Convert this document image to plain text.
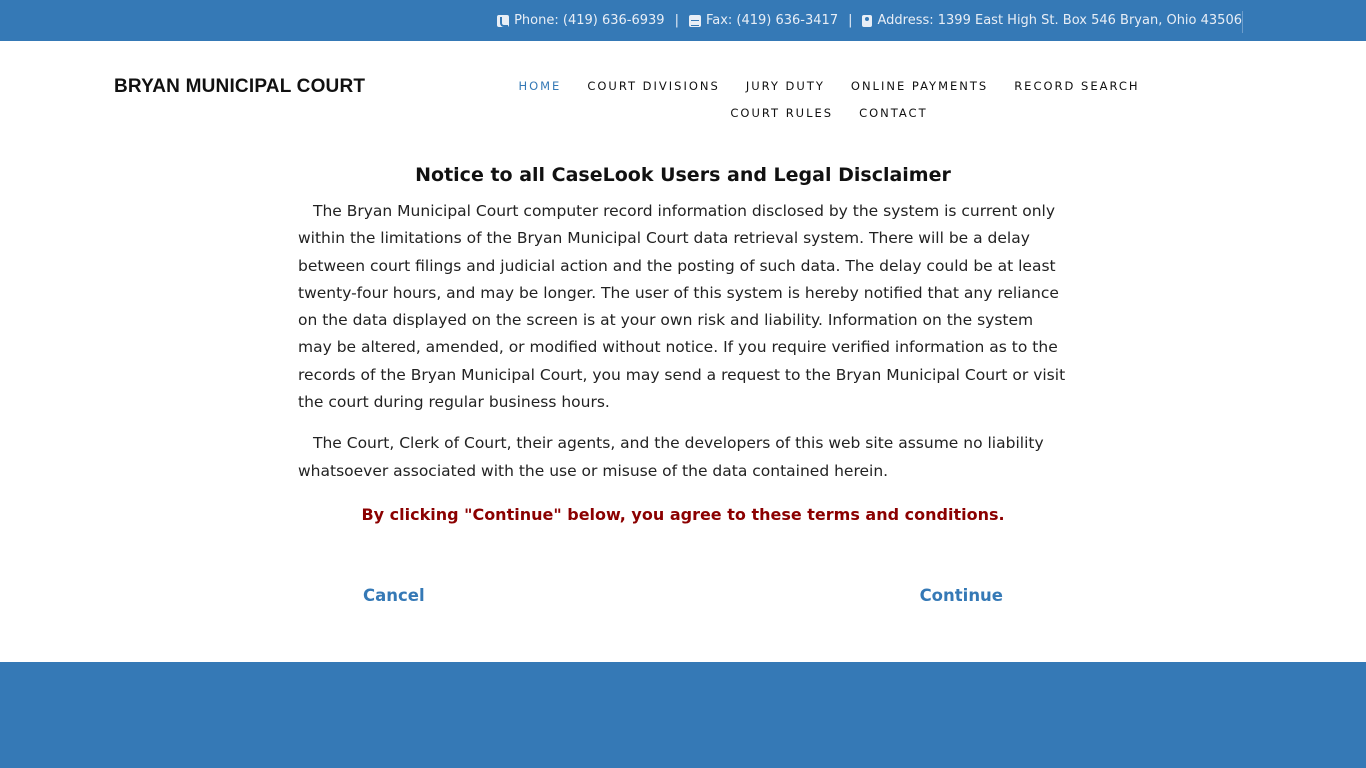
Phone: (419) 636-6939 | Fax: (419) 636-3417 | Address: 1399 East High St. Box 546 Bryan, Ohio 43506
BRYAN MUNICIPAL COURT	HOME	COURT DIVISIONS	JURY DUTY	ONLINE PAYMENTS	RECORD SEARCH
COURT RULES	CONTACT
Notice to all CaseLook Users and Legal Disclaimer

The Bryan Municipal Court computer record information disclosed by the system is current only within the limitations of the Bryan Municipal Court data retrieval system. There will be a delay between court filings and judicial action and the posting of such data. The delay could be at least twenty-four hours, and may be longer. The user of this system is hereby notified that any reliance on the data displayed on the screen is at your own risk and liability. Information on the system may be altered, amended, or modified without notice. If you require verified information as to the records of the Bryan Municipal Court, you may send a request to the Bryan Municipal Court or visit the court during regular business hours.

The Court, Clerk of Court, their agents, and the developers of this web site assume no liability whatsoever associated with the use or misuse of the data contained herein.

By clicking "Continue" below, you agree to these terms and conditions.

Cancel	Continue
